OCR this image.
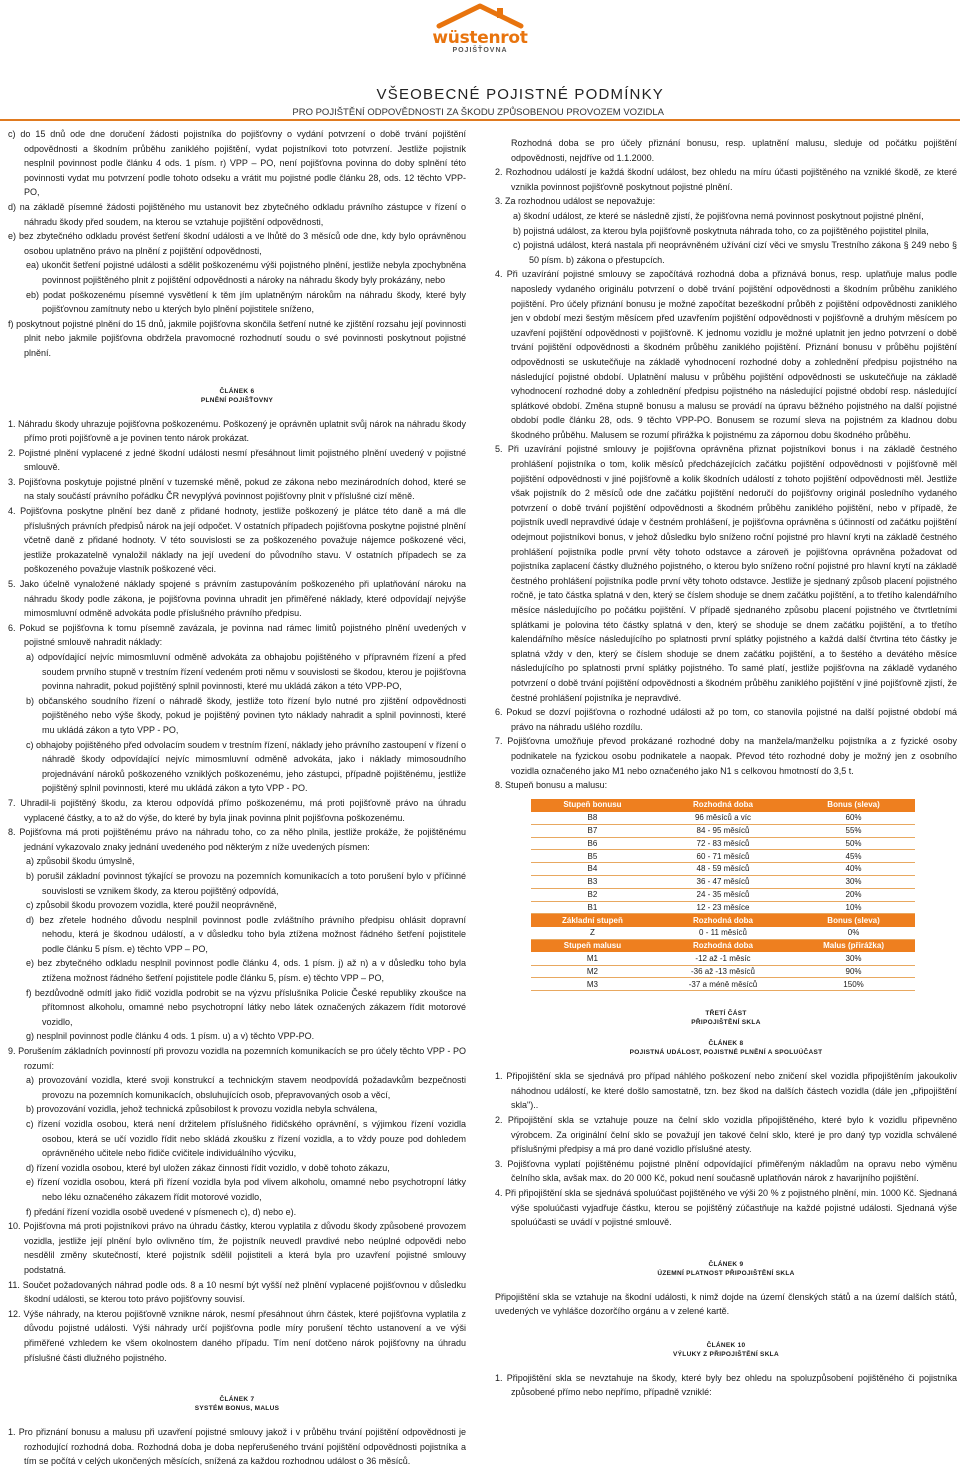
wüstenrot
POJIŠŤOVNA
VŠEOBECNÉ POJISTNÉ PODMÍNKY
PRO POJIŠTĚNÍ ODPOVĚDNOSTI ZA ŠKODU ZPŮSOBENOU PROVOZEM VOZIDLA

c) do 15 dnů ode dne doručení žádosti pojistníka do pojišťovny o vydání potvrzení o době trvání pojištění odpovědnosti a škodním průběhu zaniklého pojištění, vydat pojistníkovi toto potvrzení. Jestliže pojistník nesplnil povinnost podle článku 4 ods. 1 písm. r) VPP – PO, není pojišťovna povinna do doby splnění této povinnosti vydat mu potvrzení podle tohoto odseku a vrátit mu pojistné podle článku 28, ods. 12 těchto VPP-PO,

d) na základě písemné žádosti pojištěného mu ustanovit bez zbytečného odkladu právního zástupce v řízení o náhradu škody před soudem, na kterou se vztahuje pojištění odpovědnosti,

e) bez zbytečného odkladu provést šetření škodní události a ve lhůtě do 3 měsíců ode dne, kdy bylo oprávněnou osobou uplatněno právo na plnění z pojištění odpovědnosti,

ea) ukončit šetření pojistné události a sdělit poškozenému výši pojistného plnění, jestliže nebyla zpochybněna povinnost pojištěného plnit z pojištění odpovědnosti a nároky na náhradu škody byly prokázány, nebo

eb) podat poškozenému písemné vysvětlení k těm jím uplatněným nárokům na náhradu škody, které byly pojišťovnou zamítnuty nebo u kterých bylo plnění pojistitele sníženo,

f) poskytnout pojistné plnění do 15 dnů, jakmile pojišťovna skončila šetření nutné ke zjištění rozsahu její povinnosti plnit nebo jakmile pojišťovna obdržela pravomocné rozhodnutí soudu o své povinnosti poskytnout pojistné plnění.

ČLÁNEK 6
PLNĚNÍ POJIŠŤOVNY

1. Náhradu škody uhrazuje pojišťovna poškozenému. Poškozený je oprávněn uplatnit svůj nárok na náhradu škody přímo proti pojišťovně a je povinen tento nárok prokázat.

2. Pojistné plnění vyplacené z jedné škodní události nesmí přesáhnout limit pojistného plnění uvedený v pojistné smlouvě.

3. Pojišťovna poskytuje pojistné plnění v tuzemské měně, pokud ze zákona nebo mezinárodních dohod, které se na staly součástí právního pořádku ČR nevyplývá povinnost pojišťovny plnit v příslušné cizí měně.

4. Pojišťovna poskytne plnění bez daně z přidané hodnoty, jestliže poškozený je plátce této daně a má dle příslušných právních předpisů nárok na její odpočet. V ostatních případech pojišťovna poskytne pojistné plnění včetně daně z přidané hodnoty. V této souvislosti se za poškozeného považuje nájemce poškozené věci, jestliže prokazatelně vynaložil náklady na její uvedení do původního stavu. V ostatních případech se za poškozeného považuje vlastník poškozené věci.

5. Jako účelně vynaložené náklady spojené s právním zastupováním poškozeného při uplatňování nároku na náhradu škody podle zákona, je pojišťovna povinna uhradit jen přiměřené náklady, které odpovídají nejvýše mimosmluvní odměně advokáta podle příslušného právního předpisu.

6. Pokud se pojišťovna k tomu písemně zavázala, je povinna nad rámec limitů pojistného plnění uvedených v pojistné smlouvě nahradit náklady:

a) odpovídající nejvíc mimosmluvní odměně advokáta za obhajobu pojištěného v přípravném řízení a před soudem prvního stupně v trestním řízení vedeném proti němu v souvislosti se škodou, kterou je pojišťovna povinna nahradit, pokud pojištěný splnil povinnosti, které mu ukládá zákon a této VPP-PO,

b) občanského soudního řízení o náhradě škody, jestliže toto řízení bylo nutné pro zjištění odpovědnosti pojištěného nebo výše škody, pokud je pojištěný povinen tyto náklady nahradit a splnil povinnosti, které mu ukládá zákon a tyto VPP - PO,

c) obhajoby pojištěného před odvolacím soudem v trestním řízení, náklady jeho právního zastoupení v řízení o náhradě škody odpovídající nejvíc mimosmluvní odměně advokáta, jako i náklady mimosoudního projednávání nároků poškozeného vzniklých poškozenému, jeho zástupci, případně pojištěnému, jestliže pojištěný splnil povinnosti, které mu ukládá zákon a tyto VPP - PO.

7. Uhradil-li pojištěný škodu, za kterou odpovídá přímo poškozenému, má proti pojišťovně právo na úhradu vyplacené částky, a to až do výše, do které by byla jinak povinna plnit pojišťovna poškozenému.

8. Pojišťovna má proti pojištěnému právo na náhradu toho, co za něho plnila, jestliže prokáže, že pojištěnému jednání vykazovalo znaky jednání uvedeného pod některým z níže uvedených písmen:

a) způsobil škodu úmyslně,

b) porušil základní povinnost týkající se provozu na pozemních komunikacích a toto porušení bylo v příčinné souvislosti se vznikem škody, za kterou pojištěný odpovídá,

c) způsobil škodu provozem vozidla, které použil neoprávněně,

d) bez zřetele hodného důvodu nesplnil povinnost podle zvláštního právního předpisu ohlásit dopravní nehodu, která je škodnou událostí, a v důsledku toho byla ztížena možnost řádného šetření pojistitele podle článku 5 písm. e) těchto VPP – PO,

e) bez zbytečného odkladu nesplnil povinnost podle článku 4, ods. 1 písm. j) až n) a v důsledku toho byla ztížena možnost řádného šetření pojistitele podle článku 5, písm. e) těchto VPP – PO,

f) bezdůvodně odmítl jako řidič vozidla podrobit se na výzvu příslušníka Policie České republiky zkoušce na přítomnost alkoholu, omamné nebo psychotropní látky nebo látek označených zákazem řídit motorové vozidlo,

g) nesplnil povinnost podle článku 4 ods. 1 písm. u) a v) těchto VPP-PO.

9. Porušením základních povinností při provozu vozidla na pozemních komunikacích se pro účely těchto VPP - PO rozumí:

a) provozování vozidla, které svoji konstrukcí a technickým stavem neodpovídá požadavkům bezpečnosti provozu na pozemních komunikacích, obsluhujících osob, přepravovaných osob a věcí,

b) provozování vozidla, jehož technická způsobilost k provozu vozidla nebyla schválena,

c) řízení vozidla osobou, která není držitelem příslušného řidičského oprávnění, s výjimkou řízení vozidla osobou, která se učí vozidlo řídit nebo skládá zkoušku z řízení vozidla, a to vždy pouze pod dohledem oprávněného učitele nebo řidiče cvičitele individuálního výcviku,

d) řízení vozidla osobou, které byl uložen zákaz činnosti řídit vozidlo, v době tohoto zákazu,

e) řízení vozidla osobou, která při řízení vozidla byla pod vlivem alkoholu, omamné nebo psychotropní látky nebo léku označeného zákazem řídit motorové vozidlo,

f) předání řízení vozidla osobě uvedené v písmenech c), d) nebo e).

10. Pojišťovna má proti pojistníkovi právo na úhradu částky, kterou vyplatila z důvodu škody způsobené provozem vozidla, jestliže její plnění bylo ovlivněno tím, že pojistník neuvedl pravdivé nebo neúplné odpovědi nebo nesdělil změny skutečností, které pojistník sdělil pojistiteli a která byla pro uzavření pojistné smlouvy podstatná.

11. Součet požadovaných náhrad podle ods. 8 a 10 nesmí být vyšší než plnění vyplacené pojišťovnou v důsledku škodní události, se kterou toto právo pojišťovny souvisí.

12. Výše náhrady, na kterou pojišťovně vznikne nárok, nesmí přesáhnout úhrn částek, které pojišťovna vyplatila z důvodu pojistné události. Výši náhrady určí pojišťovna podle míry porušení těchto ustanovení a ve výši přiměřené vzhledem ke všem okolnostem daného případu. Tím není dotčeno nárok pojišťovny na úhradu příslušné části dlužného pojistného.

ČLÁNEK 7
SYSTÉM BONUS, MALUS

1. Pro přiznání bonusu a malusu při uzavření pojistné smlouvy jakož i v průběhu trvání pojištění odpovědnosti je rozhodující rozhodná doba. Rozhodná doba je doba nepřerušeného trvání pojištění odpovědnosti pojistníka a tím se počítá v celých ukončených měsících, snížená za každou rozhodnou událost o 36 měsíců.

Rozhodná doba se pro účely přiznání bonusu, resp. uplatnění malusu, sleduje od počátku pojištění odpovědnosti, nejdříve od 1.1.2000.

2. Rozhodnou událostí je každá škodní událost, bez ohledu na míru účasti pojištěného na vzniklé škodě, ze které vznikla povinnost pojišťovně poskytnout pojistné plnění.

3. Za rozhodnou událost se nepovažuje:

a) škodní událost, ze které se následně zjistí, že pojišťovna nemá povinnost poskytnout pojistné plnění,

b) pojistná událost, za kterou byla pojišťovně poskytnuta náhrada toho, co za pojištěného pojistitel plnila,

c) pojistná událost, která nastala při neoprávněném užívání cizí věci ve smyslu Trestního zákona § 249 nebo § 50 písm. b) zákona o přestupcích.

4. Při uzavírání pojistné smlouvy se započítává rozhodná doba a přiznává bonus, resp. uplatňuje malus podle naposledy vydaného originálu potvrzení o době trvání pojištění odpovědnosti a škodním průběhu zaniklého pojištění. Pro účely přiznání bonusu je možné započítat bezeškodní průběh z pojištění odpovědnosti zaniklého jen v období mezi šestým měsícem před uzavřením pojištění odpovědnosti v pojišťovně a druhým měsícem po uzavření pojištění odpovědnosti v pojišťovně. K jednomu vozidlu je možné uplatnit jen jedno potvrzení o době trvání pojištění odpovědnosti a škodném průběhu zaniklého pojištění. Přiznání bonusu v průběhu pojištění odpovědnosti se uskutečňuje na základě vyhodnocení rozhodné doby a zohlednění předpisu pojistného na následující pojistné období. Uplatnění malusu v průběhu pojištění odpovědnosti se uskutečňuje na základě vyhodnocení rozhodné doby a zohlednění předpisu pojistného na následující pojistné období resp. následující splátkové období. Změna stupně bonusu a malusu se provádí na úpravu běžného pojistného na další pojistné období podle článku 28, ods. 9 těchto VPP-PO. Bonusem se rozumí sleva na pojistném za kladnou dobu škodného průběhu. Malusem se rozumí přirážka k pojistnému za zápornou dobu škodného průběhu.

5. Při uzavírání pojistné smlouvy je pojišťovna oprávněna přiznat pojistníkovi bonus i na základě čestného prohlášení pojistníka o tom, kolik měsíců předcházejících začátku pojištění odpovědnosti v pojišťovně měl pojištění odpovědnosti v jiné pojišťovně a kolik škodních událostí z tohoto pojištění odpovědnosti měl. Jestliže však pojistník do 2 měsíců ode dne začátku pojištění nedoručí do pojišťovny originál posledního vydaného potvrzení o době trvání pojištění odpovědnosti a škodném průběhu zaniklého pojištění, nebo v případě, že pojistník uvedl nepravdivé údaje v čestném prohlášení, je pojišťovna oprávněna s účinností od začátku pojištění odejmout pojistníkovi bonus, v jehož důsledku bylo sníženo roční pojistné pro hlavní kryti na základě čestného prohlášení pojistníka podle první věty tohoto odstavce a zároveň je pojišťovna oprávněna požadovat od pojistníka zaplacení částky dlužného pojistného, o kterou bylo sníženo roční pojistné pro hlavní krytí na základě čestného prohlášení pojistníka podle první věty tohoto odstavce. Jestliže je sjednaný způsob placení pojistného ročně, je tato částka splatná v den, který se číslem shoduje se dnem začátku pojištění, a to třetího kalendářního měsíce následujícího po počátku pojištění. V případě sjednaného způsobu placení pojistného ve čtvrtletními splátkami je polovina této částky splatná v den, který se shoduje se dnem začátku pojištění, a to třetího kalendářního měsíce následujícího po splatnosti první splátky pojistného a každá další čtvrtina této částky je splatná vždy v den, který se číslem shoduje se dnem začátku pojištění, a to šestého a devátého měsíce následujícího po splatnosti první splátky pojistného. To samé platí, jestliže pojišťovna na základě vydaného potvrzení o době trvání pojištění odpovědnosti a škodném průběhu zaniklého pojištění v jiné pojišťovně zjistí, že čestné prohlášení pojistníka je nepravdivé.

6. Pokud se dozví pojišťovna o rozhodné události až po tom, co stanovila pojistné na další pojistné období má právo na náhradu ušlého rozdílu.

7. Pojišťovna umožňuje převod prokázané rozhodné doby na manžela/manželku pojistníka a z fyzické osoby podnikatele na fyzickou osobu podnikatele a naopak. Převod této rozhodné doby je možný jen z osobního vozidla označeného jako M1 nebo označeného jako N1 s celkovou hmotností do 3,5 t.

8. Stupeň bonusu a malusu:

Stupeň bonusu	Rozhodná doba	Bonus (sleva)
B8	96 měsíců a víc	60%
B7	84 - 95 měsíců	55%
B6	72 - 83 měsíců	50%
B5	60 - 71 měsíců	45%
B4	48 - 59 měsíců	40%
B3	36 - 47 měsíců	30%
B2	24 - 35 měsíců	20%
B1	12 - 23 měsíce	10%
Základní stupeň	Rozhodná doba	Bonus (sleva)
Z	0 - 11 měsíců	0%
Stupeň malusu	Rozhodná doba	Malus (přirážka)
M1	-12 až -1 měsíc	30%
M2	-36 až -13 měsíců	90%
M3	-37 a méně měsíců	150%
TŘETÍ ČÁST
PŘIPOJIŠTĚNÍ SKLA
ČLÁNEK 8
POJISTNÁ UDÁLOST, POJISTNÉ PLNĚNÍ A SPOLUÚČAST

1. Připojištění skla se sjednává pro případ náhlého poškození nebo zničení skel vozidla připojištěním jakoukoliv náhodnou událostí, ke které došlo samostatně, tzn. bez škod na dalších částech vozidla (dále jen „připojištění skla")..

2. Připojištění skla se vztahuje pouze na čelní sklo vozidla připojištěného, které bylo k vozidlu připevněno výrobcem. Za originální čelní sklo se považují jen takové čelní sklo, které je pro daný typ vozidla schválené příslušnými předpisy a má pro dané vozidlo příslušné atesty.

3. Pojišťovna vyplatí pojištěnému pojistné plnění odpovídající přiměřeným nákladům na opravu nebo výměnu čelního skla, avšak max. do 20 000 Kč, pokud není současně uplatňován nárok z havarijního pojištění.

4. Při připojištění skla se sjednává spoluúčast pojištěného ve výši 20 % z pojistného plnění, min. 1000 Kč. Sjednaná výše spoluúčasti vyjadřuje částku, kterou se pojištěný zúčastňuje na každé pojistné události. Sjednaná výše spoluúčasti se uvádí v pojistné smlouvě.

ČLÁNEK 9
ÚZEMNÍ PLATNOST PŘIPOJIŠTĚNÍ SKLA

Připojištění skla se vztahuje na škodní události, k nimž dojde na území členských států a na území dalších států, uvedených ve vyhlášce dozorčího orgánu a v zelené kartě.

ČLÁNEK 10
VÝLUKY Z PŘIPOJIŠTĚNÍ SKLA

1. Připojištění skla se nevztahuje na škody, které byly bez ohledu na spoluzpůsobení pojištěného či pojistníka způsobené přímo nebo nepřímo, případně vzniklé:
